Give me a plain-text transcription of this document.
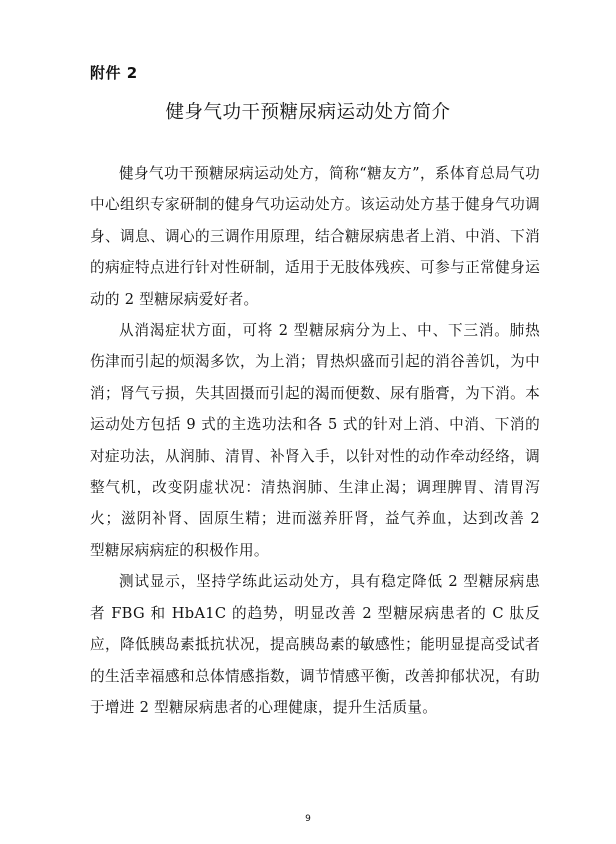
附件 2
健身气功干预糖尿病运动处方简介

健身气功干预糖尿病运动处方，简称“糖友方”，系体育总局气功中心组织专家研制的健身气功运动处方。该运动处方基于健身气功调身、调息、调心的三调作用原理，结合糖尿病患者上消、中消、下消的病症特点进行针对性研制，适用于无肢体残疾、可参与正常健身运动的 2 型糖尿病爱好者。

从消渴症状方面，可将 2 型糖尿病分为上、中、下三消。肺热伤津而引起的烦渴多饮，为上消；胃热炽盛而引起的消谷善饥，为中消；肾气亏损，失其固摄而引起的渴而便数、尿有脂膏，为下消。本运动处方包括 9 式的主选功法和各 5 式的针对上消、中消、下消的对症功法，从润肺、清胃、补肾入手，以针对性的动作牵动经络，调整气机，改变阴虚状况：清热润肺、生津止渴；调理脾胃、清胃泻火；滋阴补肾、固原生精；进而滋养肝肾，益气养血，达到改善 2 型糖尿病病症的积极作用。

测试显示，坚持学练此运动处方，具有稳定降低 2 型糖尿病患者 FBG 和 HbA1C 的趋势，明显改善 2 型糖尿病患者的 C 肽反应，降低胰岛素抵抗状况，提高胰岛素的敏感性；能明显提高受试者的生活幸福感和总体情感指数，调节情感平衡，改善抑郁状况，有助于增进 2 型糖尿病患者的心理健康，提升生活质量。

9
